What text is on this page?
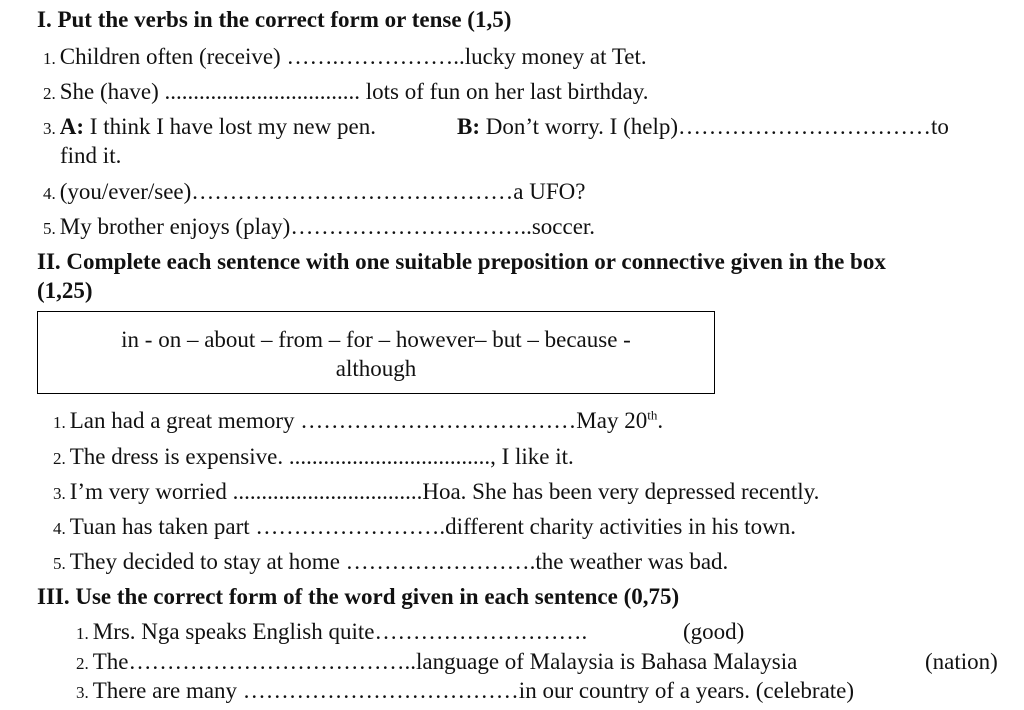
I. Put the verbs in the correct form or tense (1,5)
1. Children often (receive) …….……………..lucky money at Tet.
2. She (have) .................................. lots of fun on her last birthday.
3. A: I think I have lost my new pen.	B: Don’t worry. I (help)……………………………to
find it.
4. (you/ever/see)……………………………………a UFO?
5. My brother enjoys (play)…………………………..soccer.
II. Complete each sentence with one suitable preposition or connective given in the box
(1,25)
in - on – about – from – for – however– but – because -
although
1. Lan had a great memory ………………………………May 20th.
2. The dress is expensive. ..................................., I like it.
3. I’m very worried .................................Hoa. She has been very depressed recently.
4. Tuan has taken part …………………….different charity activities in his town.
5. They decided to stay at home …………………….the weather was bad.
III. Use the correct form of the word given in each sentence (0,75)
1. Mrs. Nga speaks English quite……………………….	(good)
2. The………………………………..language of Malaysia is Bahasa Malaysia	(nation)
3. There are many ………………………………in our country of a years. (celebrate)
